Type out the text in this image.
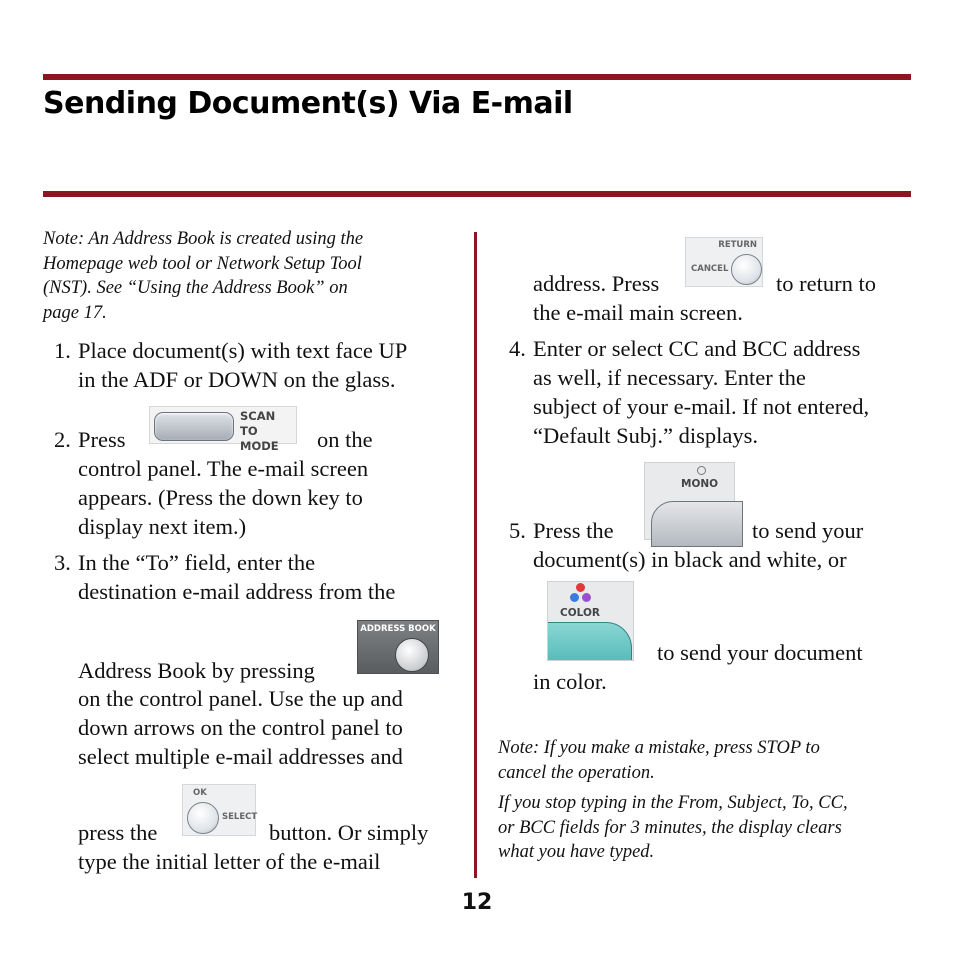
Sending Document(s) Via E-mail
Note: An Address Book is created using the
Homepage web tool or Network Setup Tool
(NST). See “Using the Address Book” on
page 17.
1. Place document(s) with text face UP
in the ADF or DOWN on the glass.
2. Press
SCAN TO
MODE	on the
control panel. The e-mail screen
appears. (Press the down key to
display next item.)
3. In the “To” field, enter the
destination e-mail address from the
ADDRESS BOOK
Address Book by pressing
on the control panel. Use the up and
down arrows on the control panel to
select multiple e-mail addresses and
press the
OK
SELECT
button. Or simply
type the initial letter of the e-mail
RETURN
CANCEL
address. Press	to return to
the e-mail main screen.
4. Enter or select CC and BCC address
as well, if necessary. Enter the
subject of your e-mail. If not entered,
“Default Subj.” displays.
MONO
5. Press the	to send your
document(s) in black and white, or
COLOR
to send your document
in color.
Note: If you make a mistake, press STOP to
cancel the operation.
If you stop typing in the From, Subject, To, CC,
or BCC fields for 3 minutes, the display clears
what you have typed.
12
